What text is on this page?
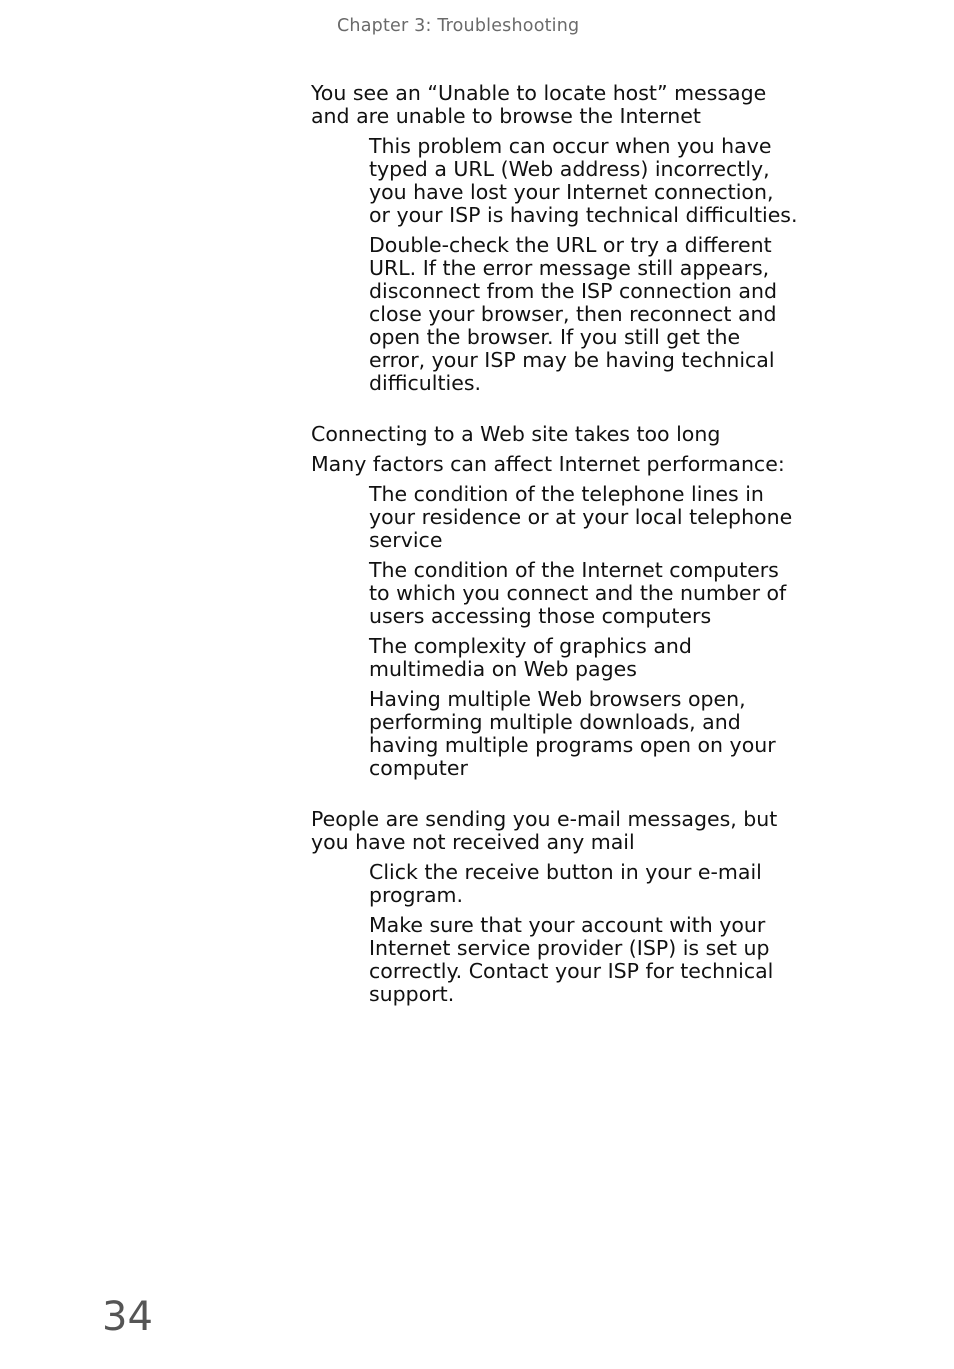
Chapter 3: Troubleshooting
You see an “Unable to locate host” message
and are unable to browse the Internet
This problem can occur when you have
typed a URL (Web address) incorrectly,
you have lost your Internet connection,
or your ISP is having technical difficulties.
Double-check the URL or try a different
URL. If the error message still appears,
disconnect from the ISP connection and
close your browser, then reconnect and
open the browser. If you still get the
error, your ISP may be having technical
difficulties.
Connecting to a Web site takes too long
Many factors can affect Internet performance:
The condition of the telephone lines in
your residence or at your local telephone
service
The condition of the Internet computers
to which you connect and the number of
users accessing those computers
The complexity of graphics and
multimedia on Web pages
Having multiple Web browsers open,
performing multiple downloads, and
having multiple programs open on your
computer
People are sending you e-mail messages, but
you have not received any mail
Click the receive button in your e-mail
program.
Make sure that your account with your
Internet service provider (ISP) is set up
correctly. Contact your ISP for technical
support.
34
